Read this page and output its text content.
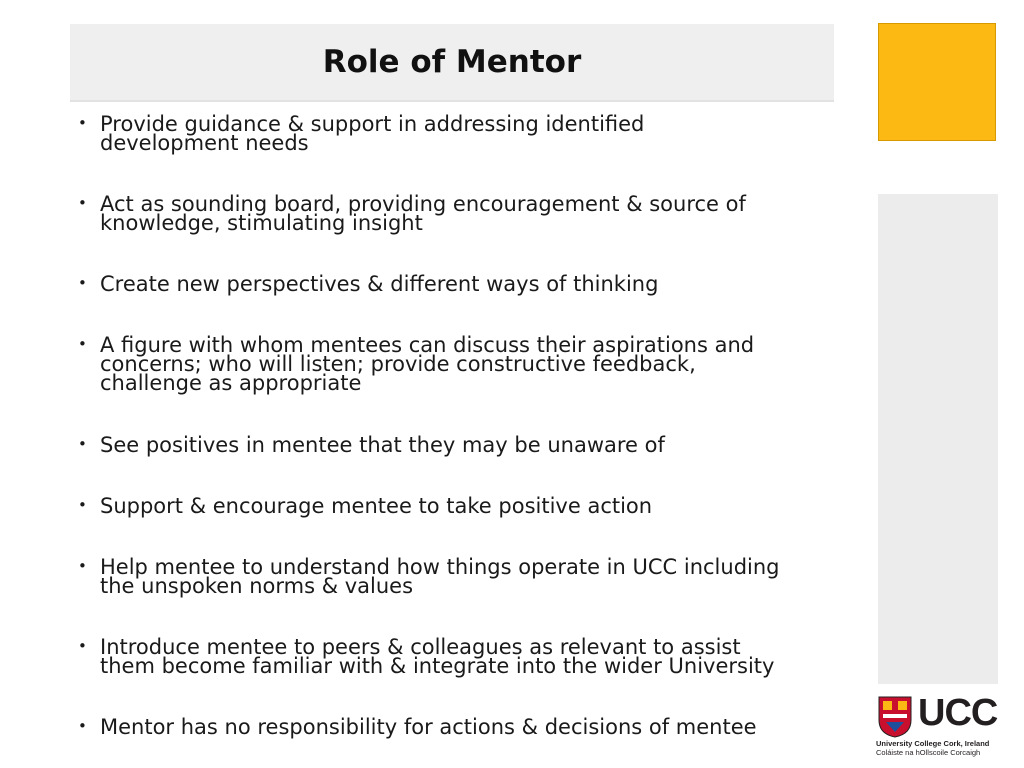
Role of Mentor
• Provide guidance & support in addressing identified
development needs
• Act as sounding board, providing encouragement & source of
knowledge, stimulating insight
• Create new perspectives & different ways of thinking
• A figure with whom mentees can discuss their aspirations and
concerns; who will listen; provide constructive feedback,
challenge as appropriate
• See positives in mentee that they may be unaware of
• Support & encourage mentee to take positive action
• Help mentee to understand how things operate in UCC including
the unspoken norms & values
• Introduce mentee to peers & colleagues as relevant to assist
them become familiar with & integrate into the wider University
• Mentor has no responsibility for actions & decisions of mentee	UCC
University College Cork, Ireland
Coláiste na hOllscoile Corcaigh
